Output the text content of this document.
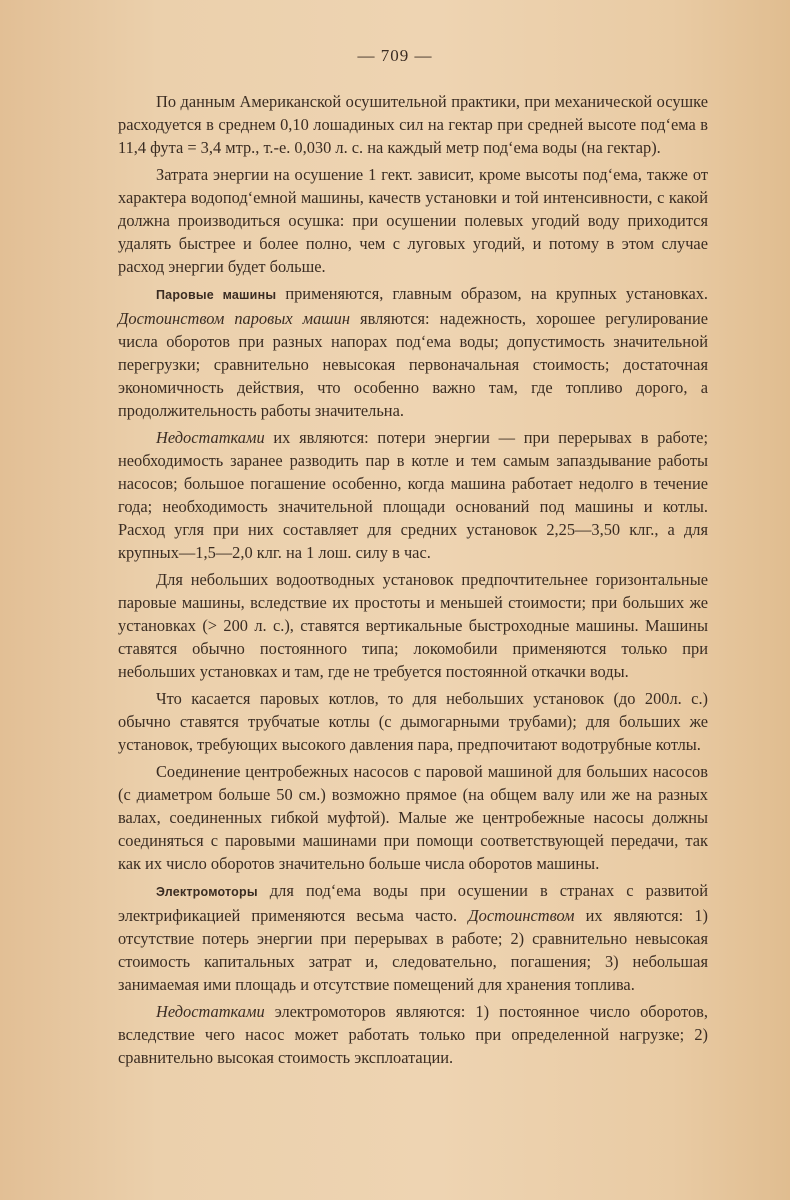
— 709 —

По данным Американской осушительной практики, при механической осушке расходуется в среднем 0,10 лошадиных сил на гектар при средней высоте под‘ема в 11,4 фута = 3,4 мтр., т.-е. 0,030 л. с. на каждый метр под‘ема воды (на гектар).

Затрата энергии на осушение 1 гект. зависит, кроме высоты под‘ема, также от характера водопод‘емной машины, качеств установки и той интенсивности, с какой должна производиться осушка: при осушении полевых угодий воду приходится удалять быстрее и более полно, чем с луговых угодий, и потому в этом случае расход энергии будет больше.

Паровые машины применяются, главным образом, на крупных установках. Достоинством паровых машин являются: надежность, хорошее регулирование числа оборотов при разных напорах под‘ема воды; допустимость значительной перегрузки; сравнительно невысокая первоначальная стоимость; достаточная экономичность действия, что особенно важно там, где топливо дорого, а продолжительность работы значительна.

Недостатками их являются: потери энергии — при перерывах в работе; необходимость заранее разводить пар в котле и тем самым запаздывание работы насосов; большое погашение особенно, когда машина работает недолго в течение года; необходимость значительной площади оснований под машины и котлы. Расход угля при них составляет для средних установок 2,25—3,50 клг., а для крупных—1,5—2,0 клг. на 1 лош. силу в час.

Для небольших водоотводных установок предпочтительнее горизонтальные паровые машины, вследствие их простоты и меньшей стоимости; при больших же установках (> 200 л. с.), ставятся вертикальные быстроходные машины. Машины ставятся обычно постоянного типа; локомобили применяются только при небольших установках и там, где не требуется постоянной откачки воды.

Что касается паровых котлов, то для небольших установок (до 200л. с.) обычно ставятся трубчатые котлы (с дымогарными трубами); для больших же установок, требующих высокого давления пара, предпочитают водотрубные котлы.

Соединение центробежных насосов с паровой машиной для больших насосов (с диаметром больше 50 см.) возможно прямое (на общем валу или же на разных валах, соединенных гибкой муфтой). Малые же центробежные насосы должны соединяться с паровыми машинами при помощи соответствующей передачи, так как их число оборотов значительно больше числа оборотов машины.

Электромоторы для под‘ема воды при осушении в странах с развитой электрификацией применяются весьма часто. Достоинством их являются: 1) отсутствие потерь энергии при перерывах в работе; 2) сравнительно невысокая стоимость капитальных затрат и, следовательно, погашения; 3) небольшая занимаемая ими площадь и отсутствие помещений для хранения топлива.

Недостатками электромоторов являются: 1) постоянное число оборотов, вследствие чего насос может работать только при определенной нагрузке; 2) сравнительно высокая стоимость эксплоатации.
